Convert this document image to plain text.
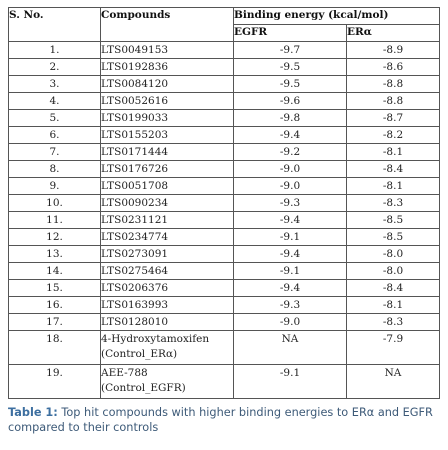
S. No.	Compounds	Binding energy (kcal/mol)	
		EGFR	ERα
1.	LTS0049153	-9.7	-8.9
2.	LTS0192836	-9.5	-8.6
3.	LTS0084120	-9.5	-8.8
4.	LTS0052616	-9.6	-8.8
5.	LTS0199033	-9.8	-8.7
6.	LTS0155203	-9.4	-8.2
7.	LTS0171444	-9.2	-8.1
8.	LTS0176726	-9.0	-8.4
9.	LTS0051708	-9.0	-8.1
10.	LTS0090234	-9.3	-8.3
11.	LTS0231121	-9.4	-8.5
12.	LTS0234774	-9.1	-8.5
13.	LTS0273091	-9.4	-8.0
14.	LTS0275464	-9.1	-8.0
15.	LTS0206376	-9.4	-8.4
16.	LTS0163993	-9.3	-8.1
17.	LTS0128010	-9.0	-8.3
18.	4-Hydroxytamoxifen (Control_ERα)	NA	-7.9
19.	AEE-788 (Control_EGFR)	-9.1	NA
Table 1: Top hit compounds with higher binding energies to ERα and EGFR compared to their controls
